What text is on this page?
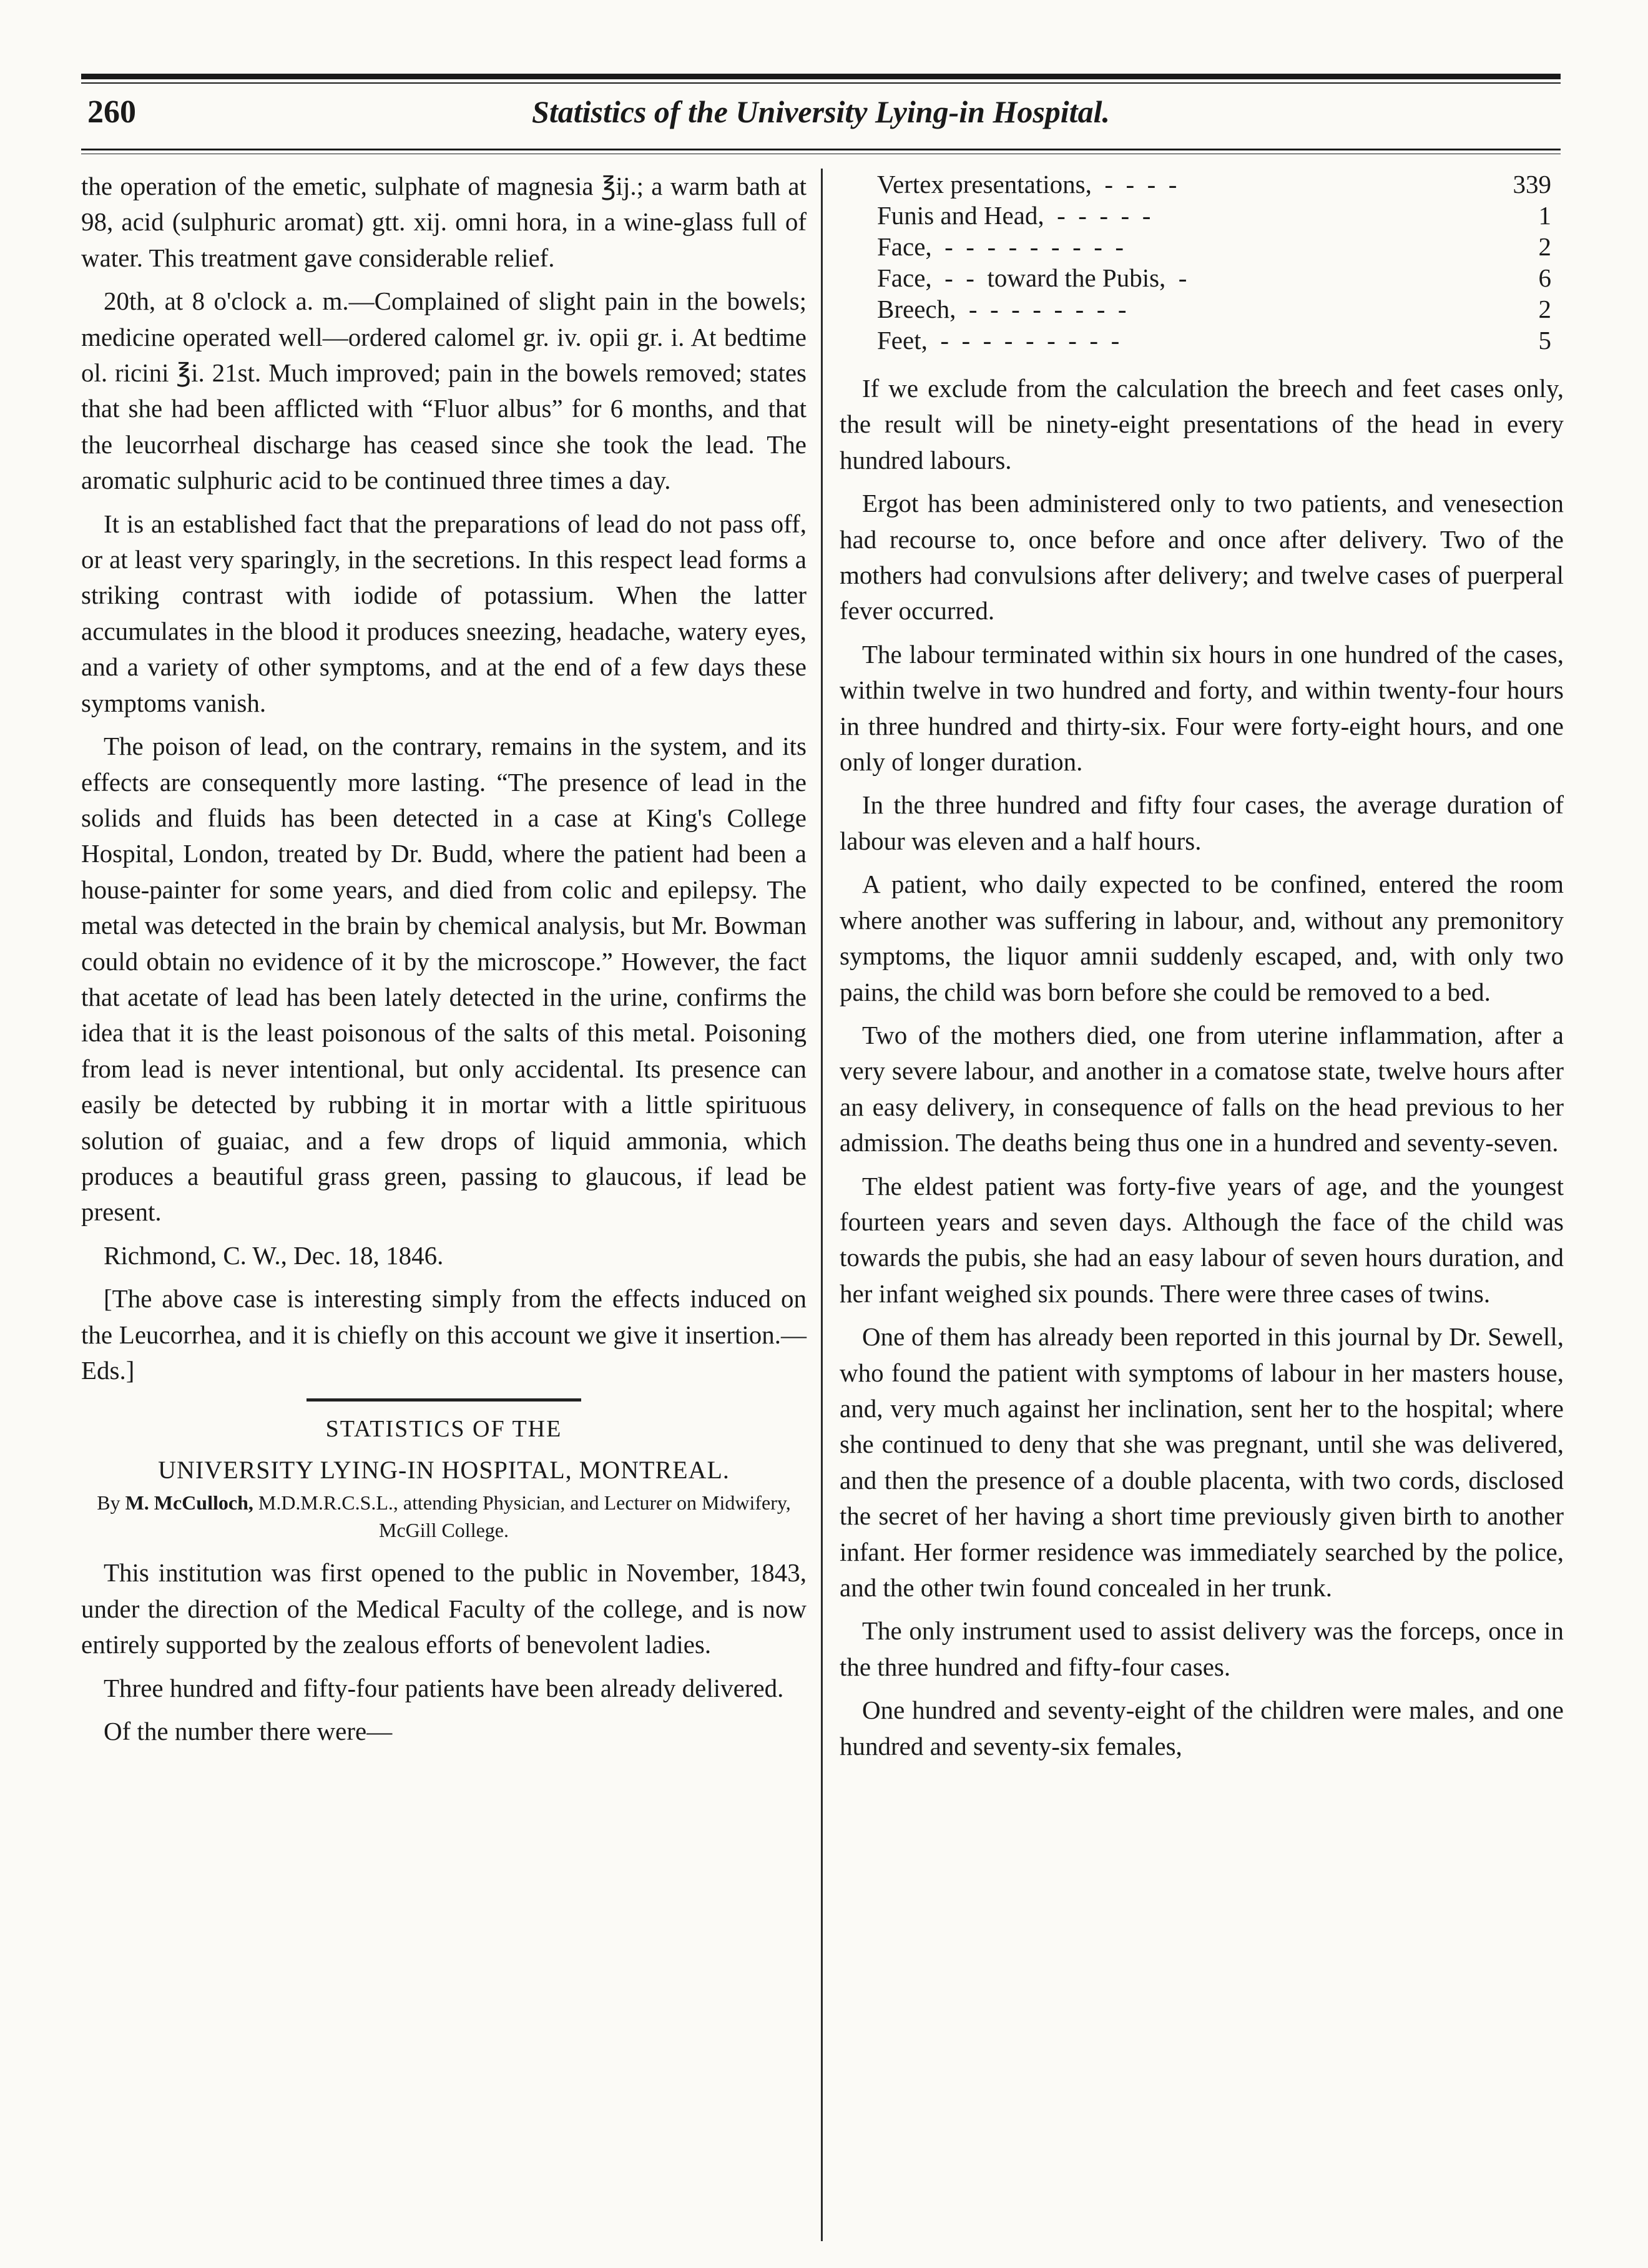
260	Statistics of the University Lying-in Hospital.

the operation of the emetic, sulphate of magnesia ℥ij.; a warm bath at 98, acid (sulphuric aromat) gtt. xij. omni hora, in a wine-glass full of water. This treatment gave considerable relief.

20th, at 8 o'clock a. m.—Complained of slight pain in the bowels; medicine operated well—ordered calomel gr. iv. opii gr. i. At bedtime ol. ricini ℥i. 21st. Much improved; pain in the bowels removed; states that she had been afflicted with “Fluor albus” for 6 months, and that the leucorrheal discharge has ceased since she took the lead. The aromatic sulphuric acid to be continued three times a day.

It is an established fact that the preparations of lead do not pass off, or at least very sparingly, in the secretions. In this respect lead forms a striking contrast with iodide of potassium. When the latter accumulates in the blood it produces sneezing, headache, watery eyes, and a variety of other symptoms, and at the end of a few days these symptoms vanish.

The poison of lead, on the contrary, remains in the system, and its effects are consequently more lasting. “The presence of lead in the solids and fluids has been detected in a case at King's College Hospital, London, treated by Dr. Budd, where the patient had been a house-painter for some years, and died from colic and epilepsy. The metal was detected in the brain by chemical analysis, but Mr. Bowman could obtain no evidence of it by the microscope.” However, the fact that acetate of lead has been lately detected in the urine, confirms the idea that it is the least poisonous of the salts of this metal. Poisoning from lead is never intentional, but only accidental. Its presence can easily be detected by rubbing it in mortar with a little spirituous solution of guaiac, and a few drops of liquid ammonia, which produces a beautiful grass green, passing to glaucous, if lead be present.

Richmond, C. W., Dec. 18, 1846.

[The above case is interesting simply from the effects induced on the Leucorrhea, and it is chiefly on this account we give it insertion.—Eds.]

STATISTICS OF THE
UNIVERSITY LYING-IN HOSPITAL, MONTREAL.
By M. McCulloch, M.D.M.R.C.S.L., attending Physician, and Lecturer on Midwifery, McGill College.

This institution was first opened to the public in November, 1843, under the direction of the Medical Faculty of the college, and is now entirely supported by the zealous efforts of benevolent ladies.

Three hundred and fifty-four patients have been already delivered.

Of the number there were—

Vertex presentations,  -  -  -  -	339
Funis and Head,  -  -  -  -  -	1
Face,  -  -  -  -  -  -  -  -  -	2
Face,  -  -  toward the Pubis,  -	6
Breech,  -  -  -  -  -  -  -  -	2
Feet,  -  -  -  -  -  -  -  -  -	5

If we exclude from the calculation the breech and feet cases only, the result will be ninety-eight presentations of the head in every hundred labours.

Ergot has been administered only to two patients, and venesection had recourse to, once before and once after delivery. Two of the mothers had convulsions after delivery; and twelve cases of puerperal fever occurred.

The labour terminated within six hours in one hundred of the cases, within twelve in two hundred and forty, and within twenty-four hours in three hundred and thirty-six. Four were forty-eight hours, and one only of longer duration.

In the three hundred and fifty four cases, the average duration of labour was eleven and a half hours.

A patient, who daily expected to be confined, entered the room where another was suffering in labour, and, without any premonitory symptoms, the liquor amnii suddenly escaped, and, with only two pains, the child was born before she could be removed to a bed.

Two of the mothers died, one from uterine inflammation, after a very severe labour, and another in a comatose state, twelve hours after an easy delivery, in consequence of falls on the head previous to her admission. The deaths being thus one in a hundred and seventy-seven.

The eldest patient was forty-five years of age, and the youngest fourteen years and seven days. Although the face of the child was towards the pubis, she had an easy labour of seven hours duration, and her infant weighed six pounds. There were three cases of twins.

One of them has already been reported in this journal by Dr. Sewell, who found the patient with symptoms of labour in her masters house, and, very much against her inclination, sent her to the hospital; where she continued to deny that she was pregnant, until she was delivered, and then the presence of a double placenta, with two cords, disclosed the secret of her having a short time previously given birth to another infant. Her former residence was immediately searched by the police, and the other twin found concealed in her trunk.

The only instrument used to assist delivery was the forceps, once in the three hundred and fifty-four cases.

One hundred and seventy-eight of the children were males, and one hundred and seventy-six females,
